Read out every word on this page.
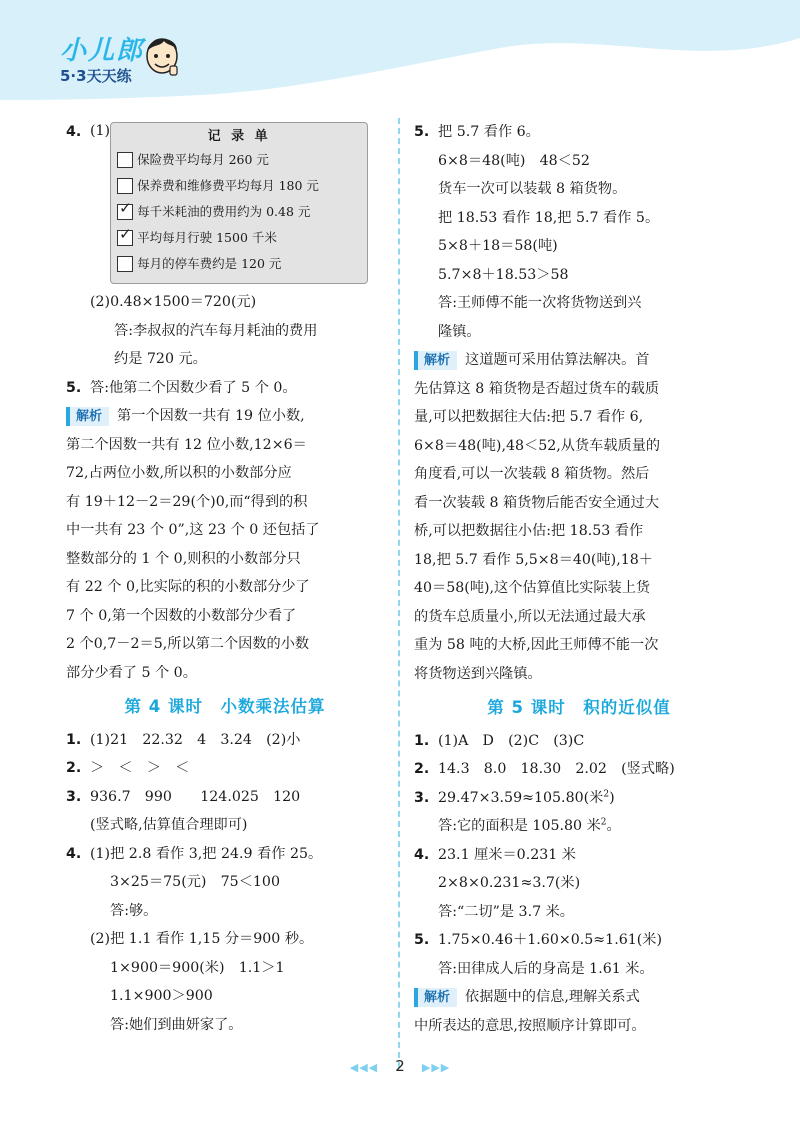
小儿郎
5·3天天练
4. (1)	记 录 单
保险费平均每月 260 元
保养费和维修费平均每月 180 元
✓ 每千米耗油的费用约为 0.48 元
✓ 平均每月行驶 1500 千米
每月的停车费约是 120 元
(2)0.48×1500＝720(元)
答:李叔叔的汽车每月耗油的费用
约是 720 元。
5. 答:他第二个因数少看了 5 个 0。
解析 第一个因数一共有 19 位小数,
第二个因数一共有 12 位小数,12×6＝
72,占两位小数,所以积的小数部分应
有 19＋12－2＝29(个)0,而“得到的积
中一共有 23 个 0”,这 23 个 0 还包括了
整数部分的 1 个 0,则积的小数部分只
有 22 个 0,比实际的积的小数部分少了
7 个 0,第一个因数的小数部分少看了
2 个0,7－2＝5,所以第二个因数的小数
部分少看了 5 个 0。
第 4 课时　小数乘法估算
1. (1)21　22.32　4　3.24　(2)小
2. ＞　＜　＞　＜
3. 936.7　990　　124.025　120
(竖式略,估算值合理即可)
4. (1)把 2.8 看作 3,把 24.9 看作 25。
3×25＝75(元)　75＜100
答:够。
(2)把 1.1 看作 1,15 分＝900 秒。
1×900＝900(米)　1.1＞1
1.1×900＞900
答:她们到曲妍家了。
5. 把 5.7 看作 6。
6×8＝48(吨)　48＜52
货车一次可以装载 8 箱货物。
把 18.53 看作 18,把 5.7 看作 5。
5×8＋18＝58(吨)
5.7×8＋18.53＞58
答:王师傅不能一次将货物送到兴
隆镇。
解析 这道题可采用估算法解决。首
先估算这 8 箱货物是否超过货车的载质
量,可以把数据往大估:把 5.7 看作 6,
6×8＝48(吨),48＜52,从货车载质量的
角度看,可以一次装载 8 箱货物。然后
看一次装载 8 箱货物后能否安全通过大
桥,可以把数据往小估:把 18.53 看作
18,把 5.7 看作 5,5×8＝40(吨),18＋
40＝58(吨),这个估算值比实际装上货
的货车总质量小,所以无法通过最大承
重为 58 吨的大桥,因此王师傅不能一次
将货物送到兴隆镇。
第 5 课时　积的近似值
1. (1)A　D　(2)C　(3)C
2. 14.3　8.0　18.30　2.02　(竖式略)
3. 29.47×3.59≈105.80(米$^2$)
答:它的面积是 105.80 米$^2$。
4. 23.1 厘米＝0.231 米
2×8×0.231≈3.7(米)
答:“二切”是 3.7 米。
5. 1.75×0.46＋1.60×0.5≈1.61(米)
答:田律成人后的身高是 1.61 米。
解析 依据题中的信息,理解关系式
中所表达的意思,按照顺序计算即可。
◀◀◀ 2 ▶▶▶
